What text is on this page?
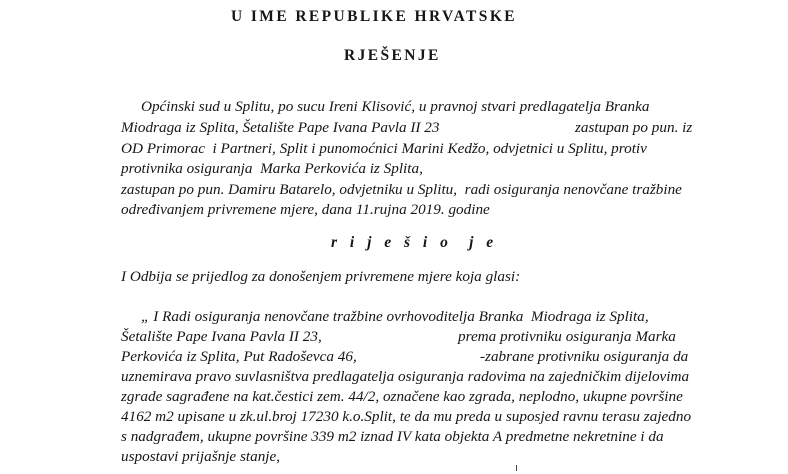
U IME REPUBLIKE HRVATSKE
RJEŠENJE
Općinski sud u Splitu, po sucu Ireni Klisović, u pravnoj stvari predlagatelja Branka
Miodraga iz Splita, Šetalište Pape Ivana Pavla II 23	zastupan po pun. iz
OD Primorac  i Partneri, Split i punomoćnici Marini Kedžo, odvjetnici u Splitu, protiv
protivnika osiguranja  Marka Perkovića iz Splita,
zastupan po pun. Damiru Batarelo, odvjetniku u Splitu,  radi osiguranja nenovčane tražbine
određivanjem privremene mjere, dana 11.rujna 2019. godine
r i j e š i o  j e
I Odbija se prijedlog za donošenjem privremene mjere koja glasi:
„ I Radi osiguranja nenovčane tražbine ovrhovoditelja Branka  Miodraga iz Splita,
Šetalište Pape Ivana Pavla II 23,	prema protivniku osiguranja Marka
Perkovića iz Splita, Put Radoševca 46,	-zabrane protivniku osiguranja da
uznemirava pravo suvlasništva predlagatelja osiguranja radovima na zajedničkim dijelovima
zgrade sagrađene na kat.čestici zem. 44/2, označene kao zgrada, neplodno, ukupne površine
4162 m2 upisane u zk.ul.broj 17230 k.o.Split, te da mu preda u suposjed ravnu terasu zajedno
s nadgrađem, ukupne površine 339 m2 iznad IV kata objekta A predmetne nekretnine i da
uspostavi prijašnje stanje,
